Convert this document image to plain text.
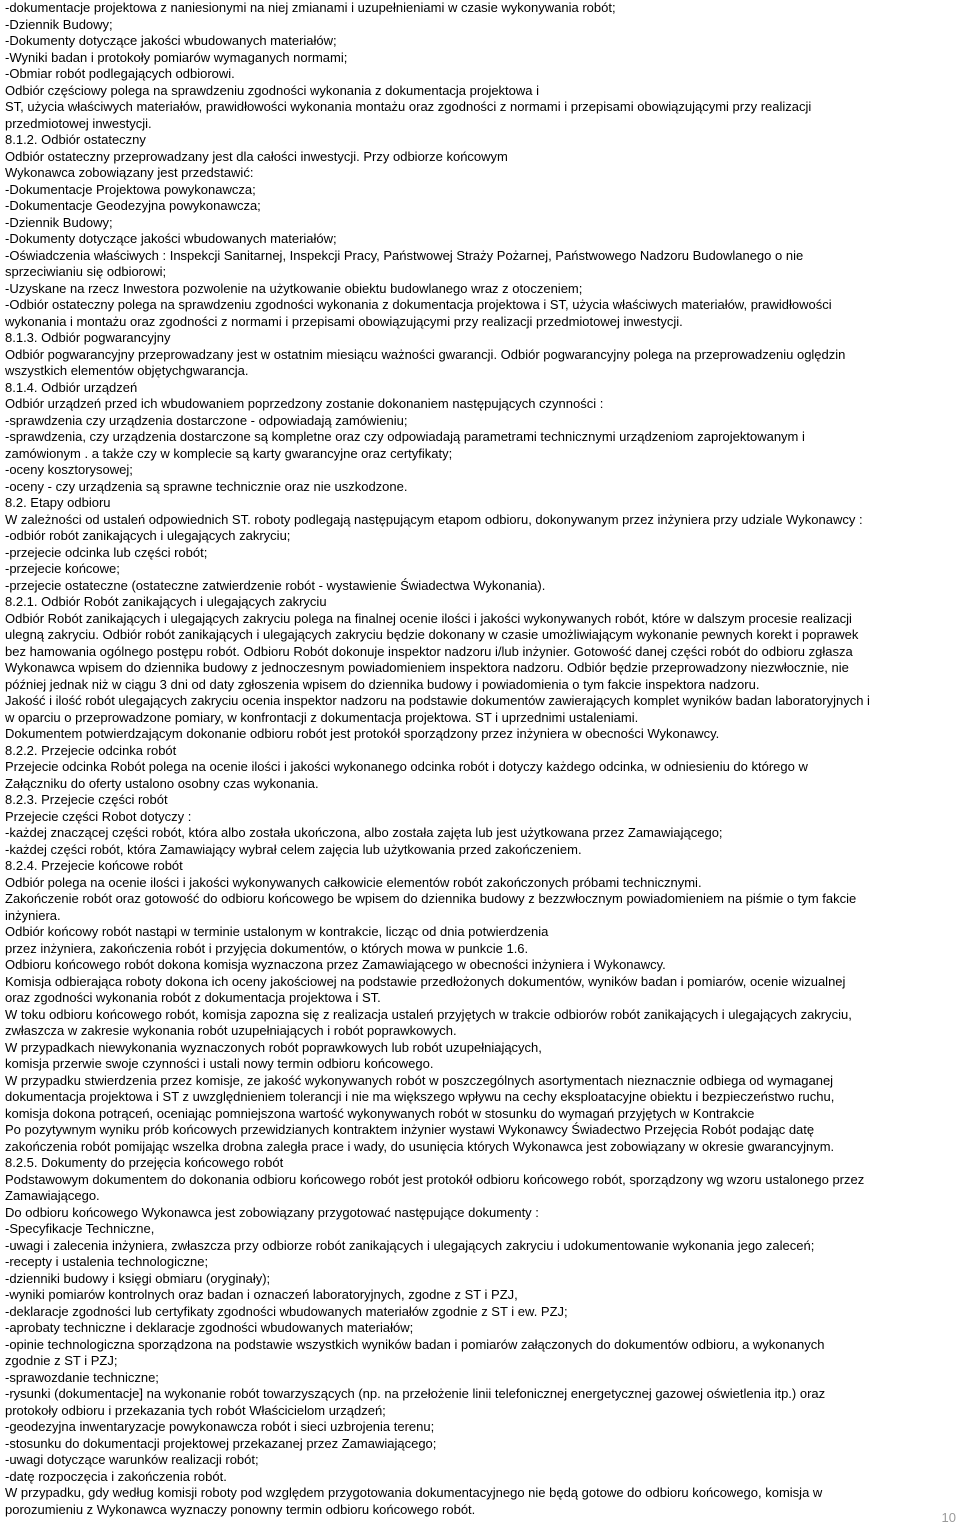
-dokumentacje projektowa z naniesionymi na niej zmianami i uzupełnieniami w czasie wykonywania robót;
-Dziennik Budowy;
-Dokumenty dotyczące jakości wbudowanych materiałów;
-Wyniki badan i protokoły pomiarów wymaganych normami;
-Obmiar robót podlegających odbiorowi.
Odbiór częściowy polega na sprawdzeniu zgodności wykonania z dokumentacja projektowa i
ST, użycia właściwych materiałów, prawidłowości wykonania montażu oraz zgodności z normami i przepisami obowiązującymi przy realizacji
przedmiotowej inwestycji.
8.1.2. Odbiór ostateczny
Odbiór ostateczny przeprowadzany jest dla całości inwestycji. Przy odbiorze końcowym
Wykonawca zobowiązany jest przedstawić:
-Dokumentacje Projektowa powykonawcza;
-Dokumentacje Geodezyjna powykonawcza;
-Dziennik Budowy;
-Dokumenty dotyczące jakości wbudowanych materiałów;
-Oświadczenia właściwych : Inspekcji Sanitarnej, Inspekcji Pracy, Państwowej Straży Pożarnej, Państwowego Nadzoru Budowlanego o nie
sprzeciwianiu się odbiorowi;
-Uzyskane na rzecz Inwestora pozwolenie na użytkowanie obiektu budowlanego wraz z otoczeniem;
-Odbiór ostateczny polega na sprawdzeniu zgodności wykonania z dokumentacja projektowa i ST, użycia właściwych materiałów, prawidłowości
wykonania i montażu oraz zgodności z normami i przepisami obowiązującymi przy realizacji przedmiotowej inwestycji.
8.1.3. Odbiór pogwarancyjny
Odbiór pogwarancyjny przeprowadzany jest w ostatnim miesiącu ważności gwarancji. Odbiór pogwarancyjny polega na przeprowadzeniu oględzin
wszystkich elementów objętychgwarancja.
8.1.4. Odbiór urządzeń
Odbiór urządzeń przed ich wbudowaniem poprzedzony zostanie dokonaniem następujących czynności :
-sprawdzenia czy urządzenia dostarczone - odpowiadają zamówieniu;
-sprawdzenia, czy urządzenia dostarczone są kompletne oraz czy odpowiadają parametrami technicznymi urządzeniom zaprojektowanym i
zamówionym . a także czy w komplecie są karty gwarancyjne oraz certyfikaty;
-oceny kosztorysowej;
-oceny - czy urządzenia są sprawne technicznie oraz nie uszkodzone.
8.2. Etapy odbioru
W zależności od ustaleń odpowiednich ST. roboty podlegają następującym etapom odbioru, dokonywanym przez inżyniera przy udziale Wykonawcy :
-odbiór robót zanikających i ulegających zakryciu;
-przejecie odcinka lub części robót;
-przejecie końcowe;
-przejecie ostateczne (ostateczne zatwierdzenie robót - wystawienie Świadectwa Wykonania).
8.2.1. Odbiór Robót zanikających i ulegających zakryciu
Odbiór Robót zanikających i ulegających zakryciu polega na finalnej ocenie ilości i jakości wykonywanych robót, które w dalszym procesie realizacji
ulegną zakryciu. Odbiór robót zanikających i ulegających zakryciu będzie dokonany w czasie umożliwiającym wykonanie pewnych korekt i poprawek
bez hamowania ogólnego postępu robót. Odbioru Robót dokonuje inspektor nadzoru i/lub inżynier. Gotowość danej części robót do odbioru zgłasza
Wykonawca wpisem do dziennika budowy z jednoczesnym powiadomieniem inspektora nadzoru. Odbiór będzie przeprowadzony niezwłocznie, nie
później jednak niż w ciągu 3 dni od daty zgłoszenia wpisem do dziennika budowy i powiadomienia o tym fakcie inspektora nadzoru.
Jakość i ilość robót ulegających zakryciu ocenia inspektor nadzoru na podstawie dokumentów zawierających komplet wyników badan laboratoryjnych i
w oparciu o przeprowadzone pomiary, w konfrontacji z dokumentacja projektowa. ST i uprzednimi ustaleniami.
Dokumentem potwierdzającym dokonanie odbioru robót jest protokół sporządzony przez inżyniera w obecności Wykonawcy.
8.2.2. Przejecie odcinka robót
Przejecie odcinka Robót polega na ocenie ilości i jakości wykonanego odcinka robót i dotyczy każdego odcinka, w odniesieniu do którego w
Załączniku do oferty ustalono osobny czas wykonania.
8.2.3. Przejecie części robót
Przejecie części Robot dotyczy :
-każdej znaczącej części robót, która albo została ukończona, albo została zajęta lub jest użytkowana przez Zamawiającego;
-każdej części robót, która Zamawiający wybrał celem zajęcia lub użytkowania przed zakończeniem.
8.2.4. Przejecie końcowe robót
Odbiór polega na ocenie ilości i jakości wykonywanych całkowicie elementów robót zakończonych próbami technicznymi.
Zakończenie robót oraz gotowość do odbioru końcowego be wpisem do dziennika budowy z bezzwłocznym powiadomieniem na piśmie o tym fakcie
inżyniera.
Odbiór końcowy robót nastąpi w terminie ustalonym w kontrakcie, licząc od dnia potwierdzenia
przez inżyniera, zakończenia robót i przyjęcia dokumentów, o których mowa w punkcie 1.6.
Odbioru końcowego robót dokona komisja wyznaczona przez Zamawiającego w obecności inżyniera i Wykonawcy.
Komisja odbierająca roboty dokona ich oceny jakościowej na podstawie przedłożonych dokumentów, wyników badan i pomiarów, ocenie wizualnej
oraz zgodności wykonania robót z dokumentacja projektowa i ST.
W toku odbioru końcowego robót, komisja zapozna się z realizacja ustaleń przyjętych w trakcie odbiorów robót zanikających i ulegających zakryciu,
zwłaszcza w zakresie wykonania robót uzupełniających i robót poprawkowych.
W przypadkach niewykonania wyznaczonych robót poprawkowych lub robót uzupełniających,
komisja przerwie swoje czynności i ustali nowy termin odbioru końcowego.
W przypadku stwierdzenia przez komisje, ze jakość wykonywanych robót w poszczególnych asortymentach nieznacznie odbiega od wymaganej
dokumentacja projektowa i ST z uwzględnieniem tolerancji i nie ma większego wpływu na cechy eksploatacyjne obiektu i bezpieczeństwo ruchu,
komisja dokona potrąceń, oceniając pomniejszona wartość wykonywanych robót w stosunku do wymagań przyjętych w Kontrakcie
Po pozytywnym wyniku prób końcowych przewidzianych kontraktem inżynier wystawi Wykonawcy Świadectwo Przejęcia Robót podając datę
zakończenia robót pomijając wszelka drobna zaległa prace i wady, do usunięcia których Wykonawca jest zobowiązany w okresie gwarancyjnym.
8.2.5. Dokumenty do przejęcia końcowego robót
Podstawowym dokumentem do dokonania odbioru końcowego robót jest protokół odbioru końcowego robót, sporządzony wg wzoru ustalonego przez
Zamawiającego.
Do odbioru końcowego Wykonawca jest zobowiązany przygotować następujące dokumenty :
-Specyfikacje Techniczne,
-uwagi i zalecenia inżyniera, zwłaszcza przy odbiorze robót zanikających i ulegających zakryciu i udokumentowanie wykonania jego zaleceń;
-recepty i ustalenia technologiczne;
-dzienniki budowy i księgi obmiaru (oryginały);
-wyniki pomiarów kontrolnych oraz badan i oznaczeń laboratoryjnych, zgodne z ST i PZJ,
-deklaracje zgodności lub certyfikaty zgodności wbudowanych materiałów zgodnie z ST i ew. PZJ;
-aprobaty techniczne i deklaracje zgodności wbudowanych materiałów;
-opinie technologiczna sporządzona na podstawie wszystkich wyników badan i pomiarów załączonych do dokumentów odbioru, a wykonanych
zgodnie z ST i PZJ;
-sprawozdanie techniczne;
-rysunki (dokumentacje] na wykonanie robót towarzyszących (np. na przełożenie linii telefonicznej energetycznej gazowej oświetlenia itp.) oraz
protokoły odbioru i przekazania tych robót Właścicielom urządzeń;
-geodezyjna inwentaryzacje powykonawcza robót i sieci uzbrojenia terenu;
-stosunku do dokumentacji projektowej przekazanej przez Zamawiającego;
-uwagi dotyczące warunków realizacji robót;
-datę rozpoczęcia i zakończenia robót.
W przypadku, gdy według komisji roboty pod względem przygotowania dokumentacyjnego nie będą gotowe do odbioru końcowego, komisja w
porozumieniu z Wykonawca wyznaczy ponowny termin odbioru końcowego robót.
10
